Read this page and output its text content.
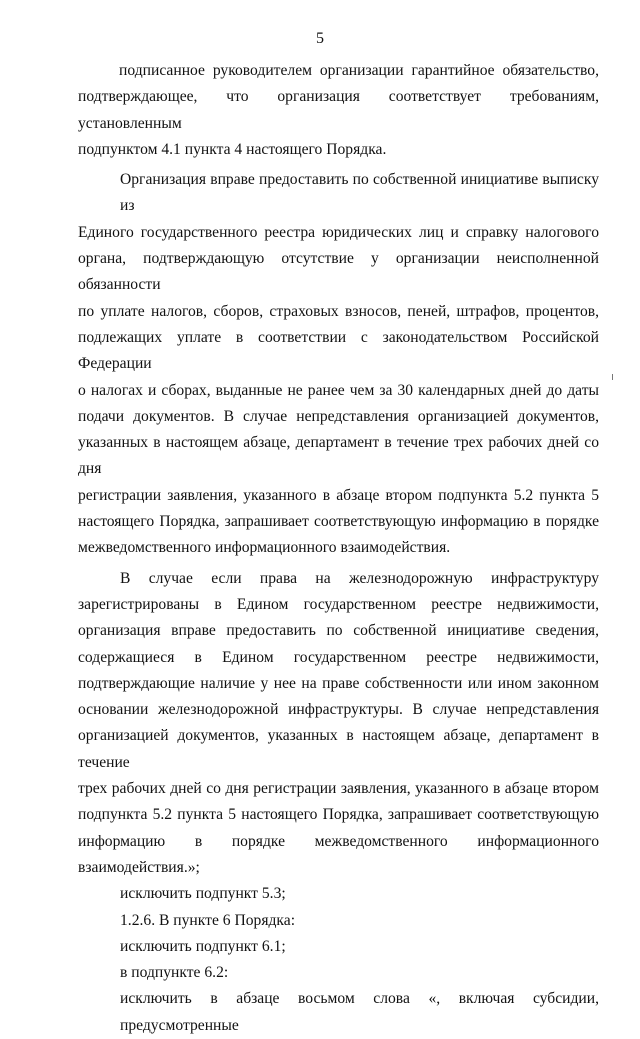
5
подписанное руководителем организации гарантийное обязательство,
подтверждающее, что организация соответствует требованиям, установленным
подпунктом 4.1 пункта 4 настоящего Порядка.
Организация вправе предоставить по собственной инициативе выписку из
Единого государственного реестра юридических лиц и справку налогового
органа, подтверждающую отсутствие у организации неисполненной обязанности
по уплате налогов, сборов, страховых взносов, пеней, штрафов, процентов,
подлежащих уплате в соответствии с законодательством Российской Федерации
о налогах и сборах, выданные не ранее чем за 30 календарных дней до даты
подачи документов. В случае непредставления организацией документов,
указанных в настоящем абзаце, департамент в течение трех рабочих дней со дня
регистрации заявления, указанного в абзаце втором подпункта 5.2 пункта 5
настоящего Порядка, запрашивает соответствующую информацию в порядке
межведомственного информационного взаимодействия.
В случае если права на железнодорожную инфраструктуру
зарегистрированы в Едином государственном реестре недвижимости,
организация вправе предоставить по собственной инициативе сведения,
содержащиеся в Едином государственном реестре недвижимости,
подтверждающие наличие у нее на праве собственности или ином законном
основании железнодорожной инфраструктуры. В случае непредставления
организацией документов, указанных в настоящем абзаце, департамент в течение
трех рабочих дней со дня регистрации заявления, указанного в абзаце втором
подпункта 5.2 пункта 5 настоящего Порядка, запрашивает соответствующую
информацию в порядке межведомственного информационного
взаимодействия.»;
исключить подпункт 5.3;
1.2.6. В пункте 6 Порядка:
исключить подпункт 6.1;
в подпункте 6.2:
исключить в абзаце восьмом слова «, включая субсидии, предусмотренные
